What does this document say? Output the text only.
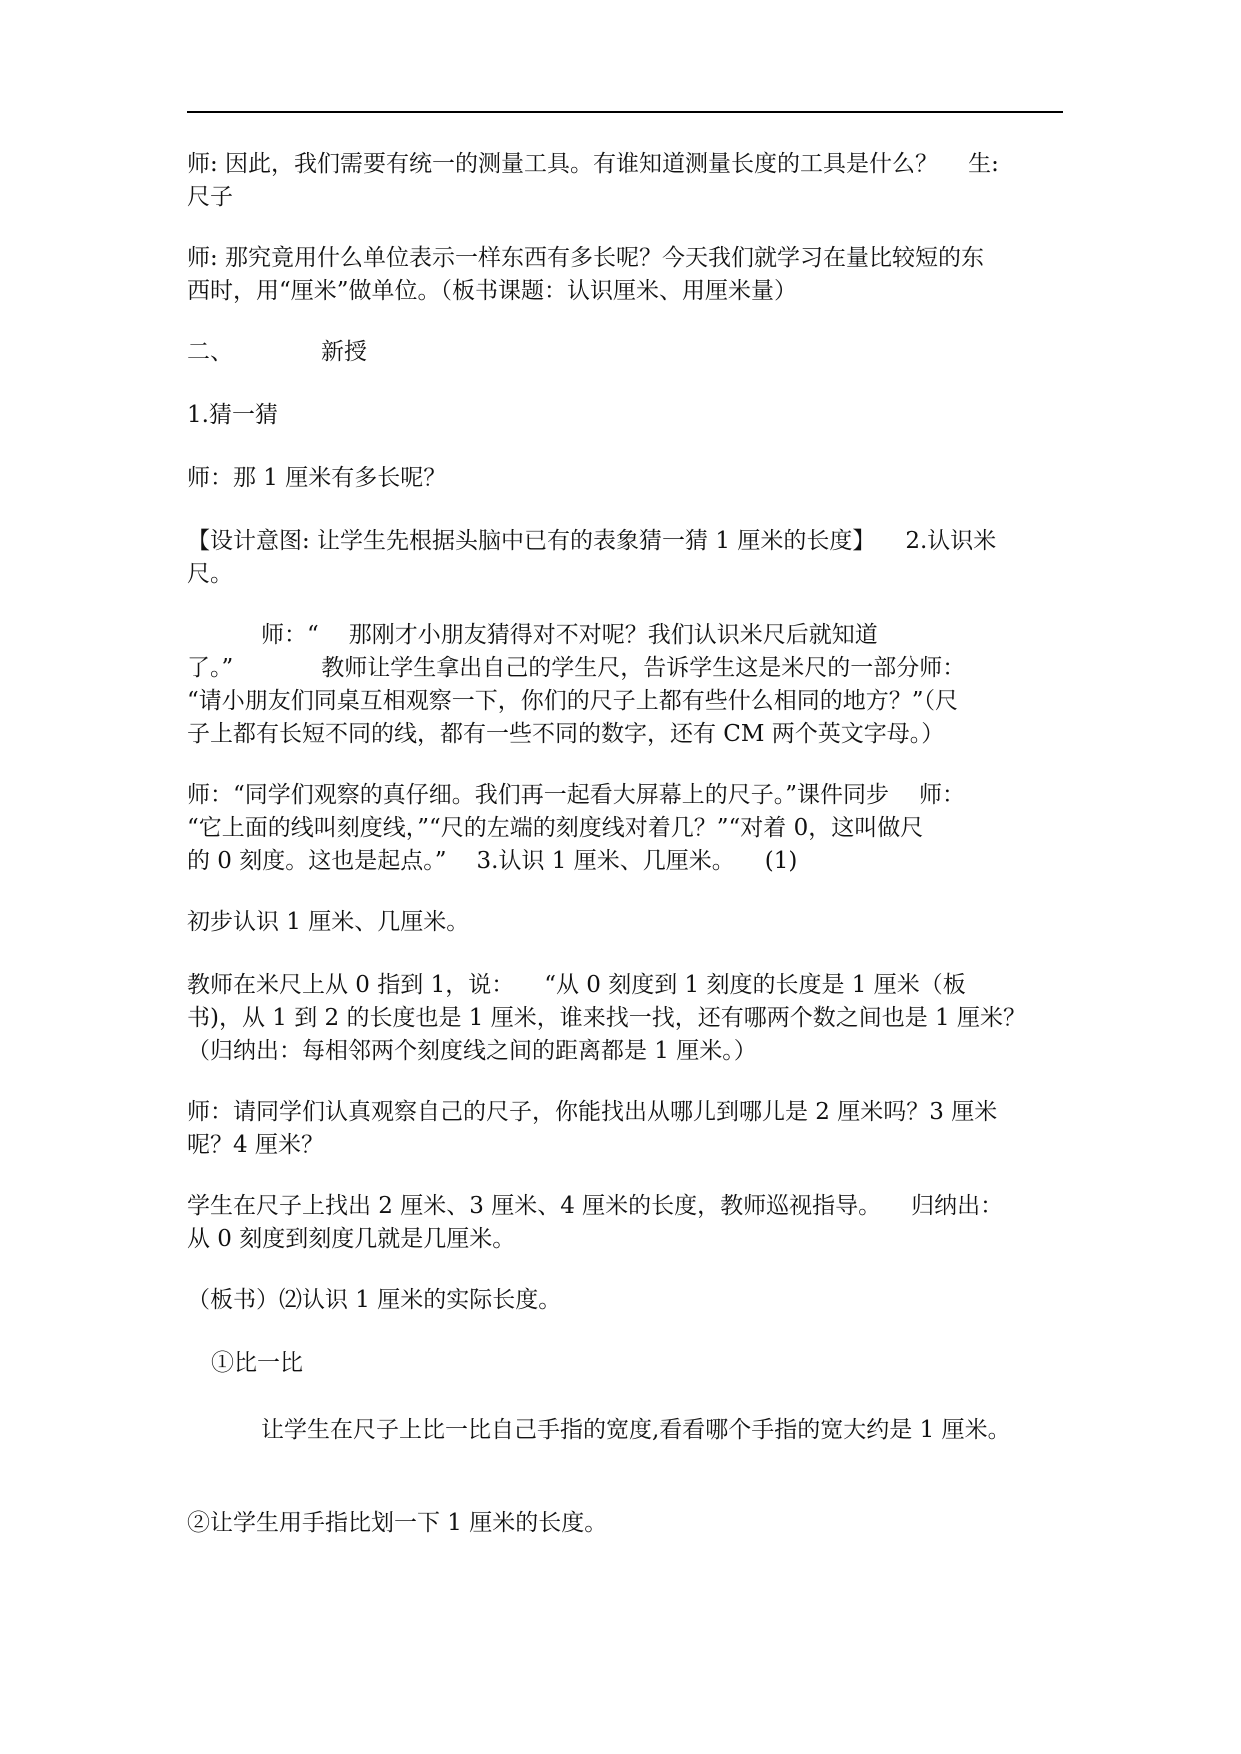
师: 因此，我们需要有统一的测量工具。有谁知道测量长度的工具是什么？ 生:
尺子
师: 那究竟用什么单位表示一样东西有多长呢？今天我们就学习在量比较短的东
西时，用“厘米”做单位。（板书课题：认识厘米、用厘米量）
二、	新授
1.猜一猜
师：那 1 厘米有多长呢？
【设计意图: 让学生先根据头脑中已有的表象猜一猜 1 厘米的长度】 2.认识米
尺。
师：“ 那刚才小朋友猜得对不对呢？我们认识米尺后就知道
了。”	教师让学生拿出自己的学生尺，告诉学生这是米尺的一部分师：
“请小朋友们同桌互相观察一下，你们的尺子上都有些什么相同的地方？”（尺
子上都有长短不同的线，都有一些不同的数字，还有 CM 两个英文字母。）
师：“同学们观察的真仔细。我们再一起看大屏幕上的尺子。”课件同步 师：
“它上面的线叫刻度线，”“尺的左端的刻度线对着几？”“对着 0，这叫做尺
的 0 刻度。这也是起点。” 3.认识 1 厘米、几厘米。 (1)
初步认识 1 厘米、几厘米。
教师在米尺上从 0 指到 1，说： “从 0 刻度到 1 刻度的长度是 1 厘米（板
书)，从 1 到 2 的长度也是 1 厘米，谁来找一找，还有哪两个数之间也是 1 厘米？
（归纳出：每相邻两个刻度线之间的距离都是 1 厘米。）
师：请同学们认真观察自己的尺子，你能找出从哪儿到哪儿是 2 厘米吗？3 厘米
呢？4 厘米？
学生在尺子上找出 2 厘米、3 厘米、4 厘米的长度，教师巡视指导。 归纳出：
从 0 刻度到刻度几就是几厘米。
（板书）⑵认识 1 厘米的实际长度。
①比一比
让学生在尺子上比一比自己手指的宽度,看看哪个手指的宽大约是 1 厘米。
②让学生用手指比划一下 1 厘米的长度。
